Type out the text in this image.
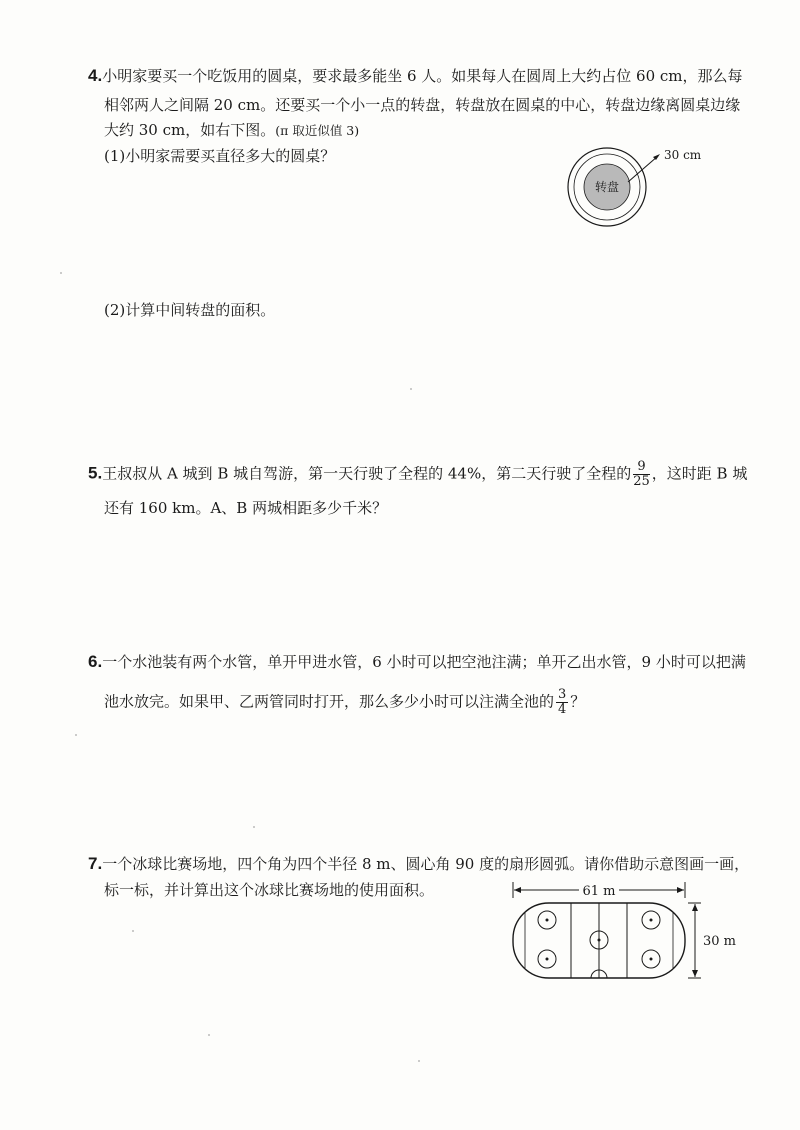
4.小明家要买一个吃饭用的圆桌，要求最多能坐 6 人。如果每人在圆周上大约占位 60 cm，那么每
相邻两人之间隔 20 cm。还要买一个小一点的转盘，转盘放在圆桌的中心，转盘边缘离圆桌边缘
大约 30 cm，如右下图。(π 取近似值 3)
(1)小明家需要买直径多大的圆桌？
转盘
30 cm
(2)计算中间转盘的面积。
5.王叔叔从 A 城到 B 城自驾游，第一天行驶了全程的 44%，第二天行驶了全程的 $\frac{9}{25}$ ，这时距 B 城
还有 160 km。A、B 两城相距多少千米？
6.一个水池装有两个水管，单开甲进水管，6 小时可以把空池注满；单开乙出水管，9 小时可以把满
池水放完。如果甲、乙两管同时打开，那么多少小时可以注满全池的 $\frac{3}{4}$ ？
7.一个冰球比赛场地，四个角为四个半径 8 m、圆心角 90 度的扇形圆弧。请你借助示意图画一画，
标一标，并计算出这个冰球比赛场地的使用面积。	61 m
30 m
